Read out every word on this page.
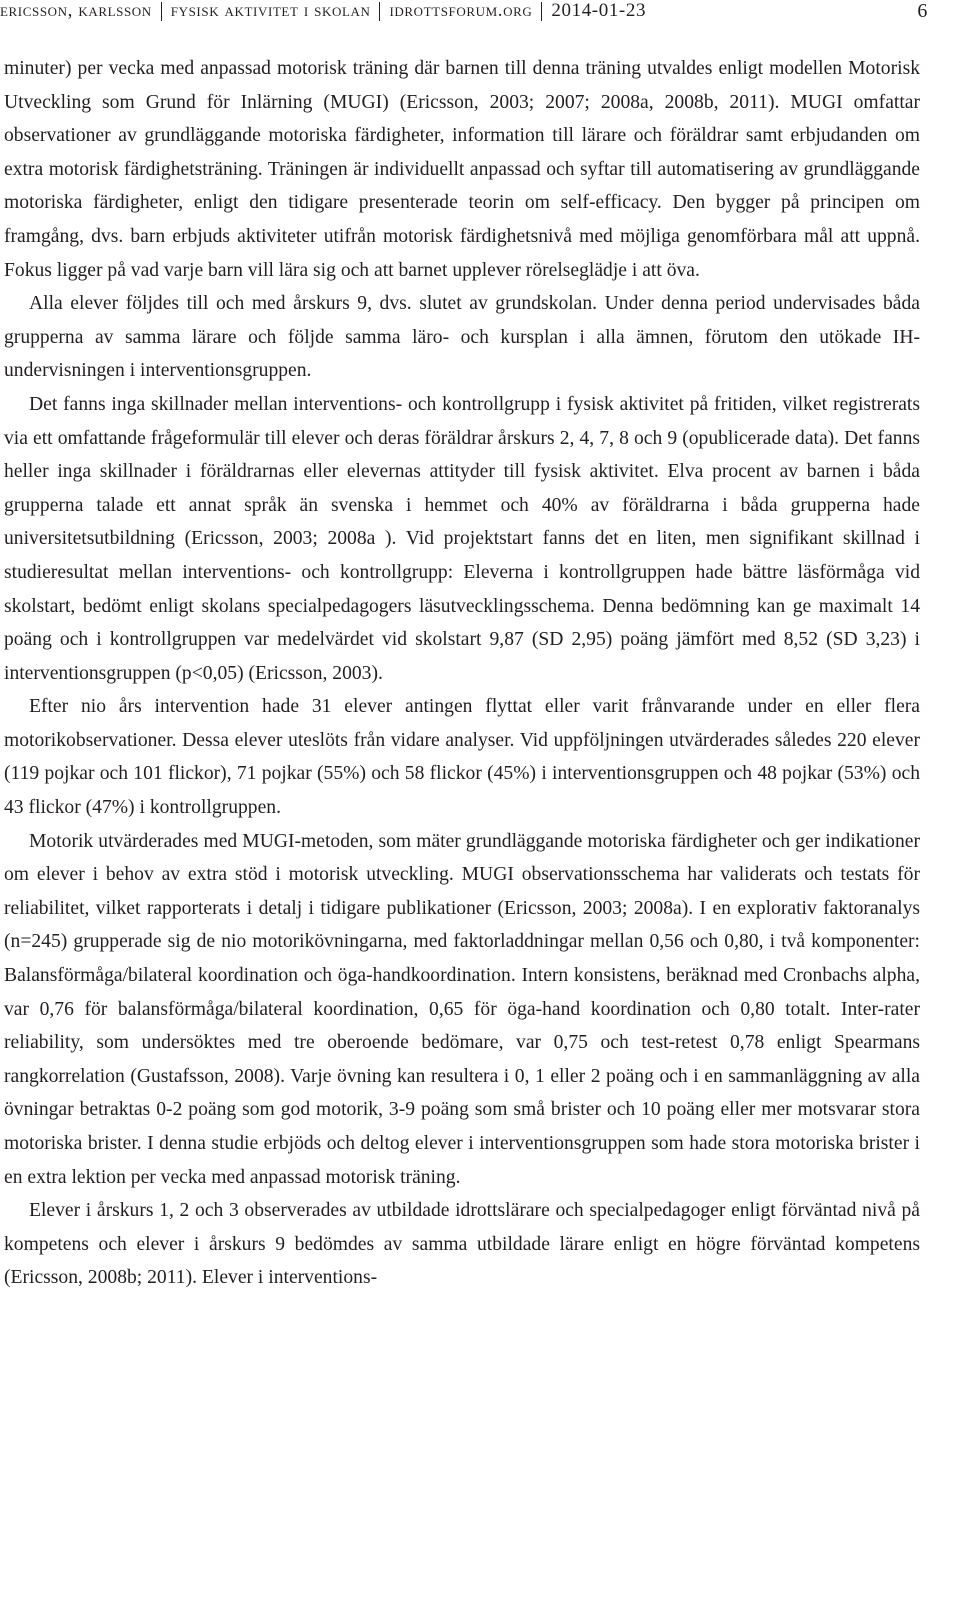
ericsson, karlsson fysisk aktivitet i skolan idrottsforum.org 2014-01-23	6

minuter) per vecka med anpassad motorisk träning där barnen till denna träning utvaldes enligt modellen Motorisk Utveckling som Grund för Inlärning (MUGI) (Ericsson, 2003; 2007; 2008a, 2008b, 2011). MUGI omfattar observationer av grundläggande motoriska färdigheter, information till lärare och föräldrar samt erbjudanden om extra motorisk färdighetsträning. Träningen är individuellt anpassad och syftar till automatisering av grundläggande motoriska färdigheter, enligt den tidigare presenterade teorin om self-efficacy. Den bygger på principen om framgång, dvs. barn erbjuds aktiviteter utifrån motorisk färdighetsnivå med möjliga genomförbara mål att uppnå. Fokus ligger på vad varje barn vill lära sig och att barnet upplever rörelseglädje i att öva.

Alla elever följdes till och med årskurs 9, dvs. slutet av grundskolan. Under denna period undervisades båda grupperna av samma lärare och följde samma läro- och kursplan i alla ämnen, förutom den utökade IH-undervisningen i interventionsgruppen.

Det fanns inga skillnader mellan interventions- och kontrollgrupp i fysisk aktivitet på fritiden, vilket registrerats via ett omfattande frågeformulär till elever och deras föräldrar årskurs 2, 4, 7, 8 och 9 (opublicerade data). Det fanns heller inga skillnader i föräldrarnas eller elevernas attityder till fysisk aktivitet. Elva procent av barnen i båda grupperna talade ett annat språk än svenska i hemmet och 40% av föräldrarna i båda grupperna hade universitetsutbildning (Ericsson, 2003; 2008a ). Vid projektstart fanns det en liten, men signifikant skillnad i studieresultat mellan interventions- och kontrollgrupp: Eleverna i kontrollgruppen hade bättre läsförmåga vid skolstart, bedömt enligt skolans specialpedagogers läsutvecklingsschema. Denna bedömning kan ge maximalt 14 poäng och i kontrollgruppen var medelvärdet vid skolstart 9,87 (SD 2,95) poäng jämfört med 8,52 (SD 3,23) i interventionsgruppen (p<0,05) (Ericsson, 2003).

Efter nio års intervention hade 31 elever antingen flyttat eller varit frånvarande under en eller flera motorikobservationer. Dessa elever uteslöts från vidare analyser. Vid uppföljningen utvärderades således 220 elever (119 pojkar och 101 flickor), 71 pojkar (55%) och 58 flickor (45%) i interventionsgruppen och 48 pojkar (53%) och 43 flickor (47%) i kontrollgruppen.

Motorik utvärderades med MUGI-metoden, som mäter grundläggande motoriska färdigheter och ger indikationer om elever i behov av extra stöd i motorisk utveckling. MUGI observationsschema har validerats och testats för reliabilitet, vilket rapporterats i detalj i tidigare publikationer (Ericsson, 2003; 2008a). I en explorativ faktoranalys (n=245) grupperade sig de nio motorikövningarna, med faktorladdningar mellan 0,56 och 0,80, i två komponenter: Balansförmåga/bilateral koordination och öga-handkoordination. Intern konsistens, beräknad med Cronbachs alpha, var 0,76 för balansförmåga/bilateral koordination, 0,65 för öga-hand koordination och 0,80 totalt. Inter-rater reliability, som undersöktes med tre oberoende bedömare, var 0,75 och test-retest 0,78 enligt Spearmans rangkorrelation (Gustafsson, 2008). Varje övning kan resultera i 0, 1 eller 2 poäng och i en sammanläggning av alla övningar betraktas 0-2 poäng som god motorik, 3-9 poäng som små brister och 10 poäng eller mer motsvarar stora motoriska brister. I denna studie erbjöds och deltog elever i interventionsgruppen som hade stora motoriska brister i en extra lektion per vecka med anpassad motorisk träning.

Elever i årskurs 1, 2 och 3 observerades av utbildade idrottslärare och specialpedagoger enligt förväntad nivå på kompetens och elever i årskurs 9 bedömdes av samma utbildade lärare enligt en högre förväntad kompetens (Ericsson, 2008b; 2011). Elever i interventions-
